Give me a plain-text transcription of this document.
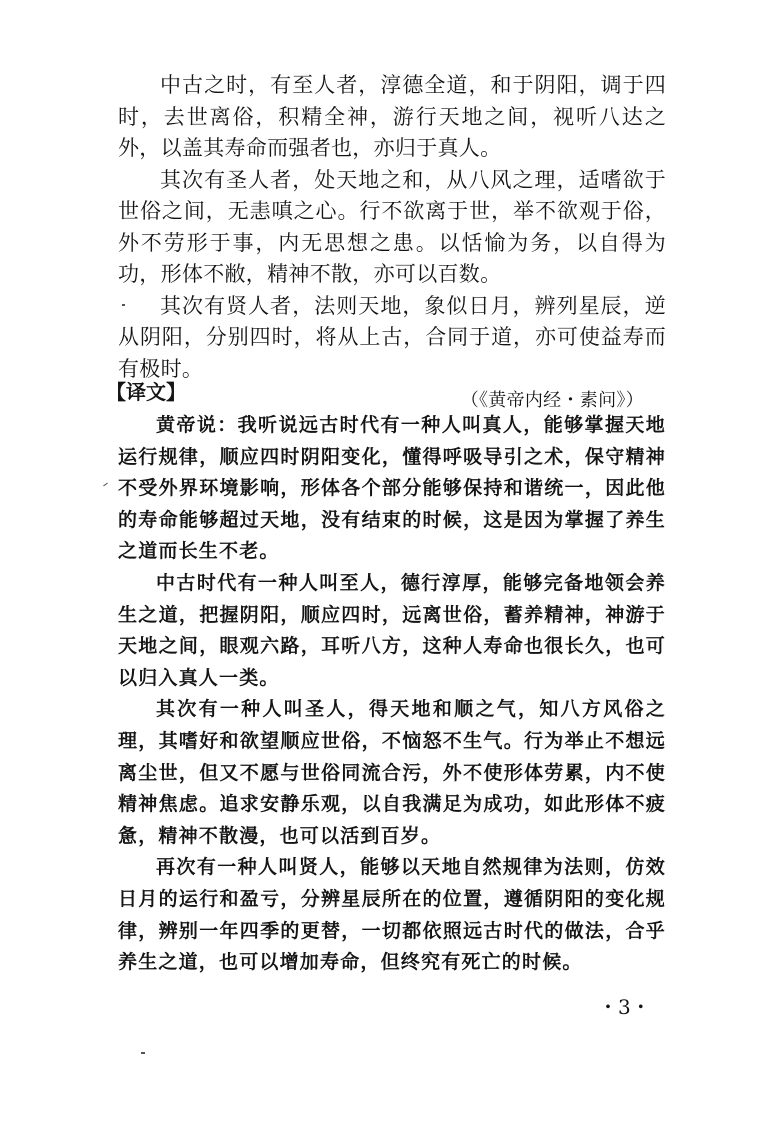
中古之时，有至人者，淳德全道，和于阴阳，调于四时，去世离俗，积精全神，游行天地之间，视听八达之外，以盖其寿命而强者也，亦归于真人。

其次有圣人者，处天地之和，从八风之理，适嗜欲于世俗之间，无恚嗔之心。行不欲离于世，举不欲观于俗，外不劳形于事，内无思想之患。以恬愉为务，以自得为功，形体不敝，精神不散，亦可以百数。

其次有贤人者，法则天地，象似日月，辨列星辰，逆从阴阳，分别四时，将从上古，合同于道，亦可使益寿而有极时。

（《黄帝内经・素问》）

【译文】

黄帝说：我听说远古时代有一种人叫真人，能够掌握天地运行规律，顺应四时阴阳变化，懂得呼吸导引之术，保守精神不受外界环境影响，形体各个部分能够保持和谐统一，因此他的寿命能够超过天地，没有结束的时候，这是因为掌握了养生之道而长生不老。

中古时代有一种人叫至人，德行淳厚，能够完备地领会养生之道，把握阴阳，顺应四时，远离世俗，蓄养精神，神游于天地之间，眼观六路，耳听八方，这种人寿命也很长久，也可以归入真人一类。

其次有一种人叫圣人，得天地和顺之气，知八方风俗之理，其嗜好和欲望顺应世俗，不恼怒不生气。行为举止不想远离尘世，但又不愿与世俗同流合污，外不使形体劳累，内不使精神焦虑。追求安静乐观，以自我满足为成功，如此形体不疲惫，精神不散漫，也可以活到百岁。

再次有一种人叫贤人，能够以天地自然规律为法则，仿效日月的运行和盈亏，分辨星辰所在的位置，遵循阴阳的变化规律，辨别一年四季的更替，一切都依照远古时代的做法，合乎养生之道，也可以增加寿命，但终究有死亡的时候。

・3・
